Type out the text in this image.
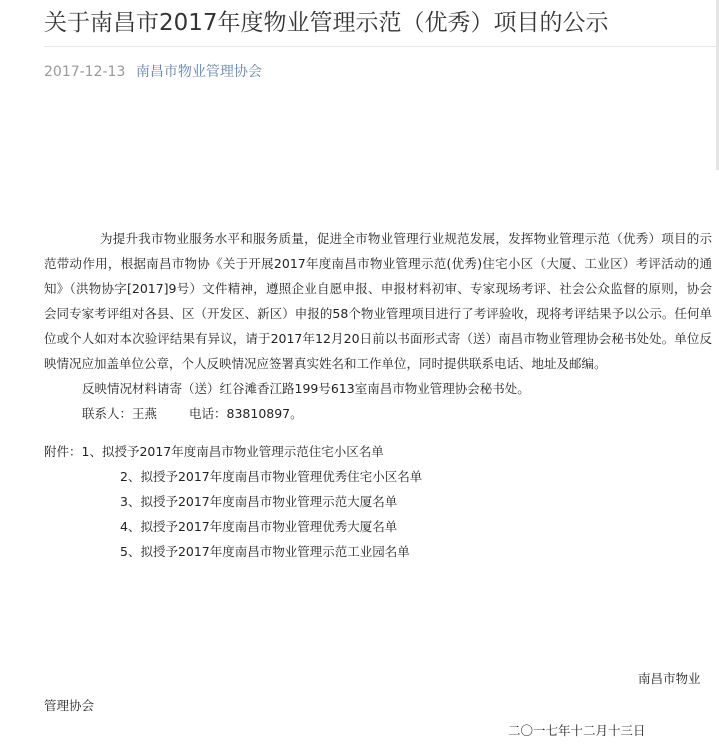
关于南昌市2017年度物业管理示范（优秀）项目的公示
2017-12-13 南昌市物业管理协会

为提升我市物业服务水平和服务质量，促进全市物业管理行业规范发展，发挥物业管理示范（优秀）项目的示范带动作用，根据南昌市物协《关于开展2017年度南昌市物业管理示范(优秀)住宅小区（大厦、工业区）考评活动的通知》（洪物协字[2017]9号）文件精神，遵照企业自愿申报、申报材料初审、专家现场考评、社会公众监督的原则，协会会同专家考评组对各县、区（开发区、新区）申报的58个物业管理项目进行了考评验收，现将考评结果予以公示。任何单位或个人如对本次验评结果有异议，请于2017年12月20日前以书面形式寄（送）南昌市物业管理协会秘书处处。单位反映情况应加盖单位公章，个人反映情况应签署真实姓名和工作单位，同时提供联系电话、地址及邮编。

反映情况材料请寄（送）红谷滩香江路199号613室南昌市物业管理协会秘书处。

联系人：王燕	电话：83810897。

附件：1、拟授予2017年度南昌市物业管理示范住宅小区名单

2、拟授予2017年度南昌市物业管理优秀住宅小区名单

3、拟授予2017年度南昌市物业管理示范大厦名单

4、拟授予2017年度南昌市物业管理优秀大厦名单

5、拟授予2017年度南昌市物业管理示范工业园名单

南昌市物业
管理协会
二〇一七年十二月十三日
